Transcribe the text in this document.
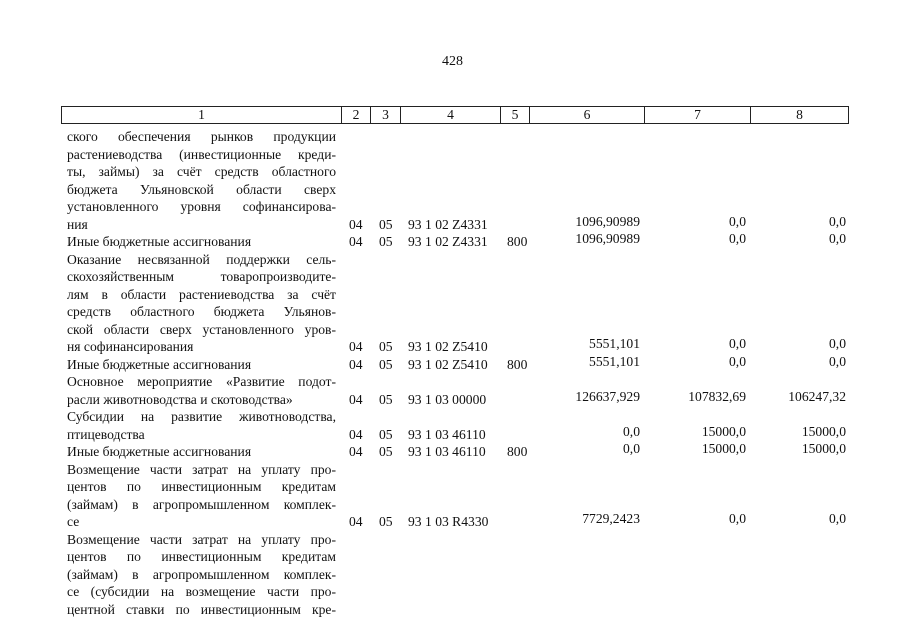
428
1	2	3	4	5	6	7	8
ского обеспечения рынков продукции
растениеводства (инвестиционные креди-
ты, займы) за счёт средств областного
бюджета Ульяновской области сверх
установленного уровня софинансирова-
ния	04 05 93 1 02 Z4331	1096,90989	0,0	0,0
Иные бюджетные ассигнования	04 05 93 1 02 Z4331 800	1096,90989	0,0	0,0
Оказание несвязанной поддержки сель-
скохозяйственным товаропроизводите-
лям в области растениеводства за счёт
средств областного бюджета Ульянов-
ской области сверх установленного уров-
ня софинансирования	04 05 93 1 02 Z5410	5551,101	0,0	0,0
Иные бюджетные ассигнования	04 05 93 1 02 Z5410 800	5551,101	0,0	0,0
Основное мероприятие «Развитие подот-
расли животноводства и скотоводства»	04 05 93 1 03 00000	126637,929	107832,69	106247,32
Субсидии на развитие животноводства,
птицеводства	04 05 93 1 03 46110	0,0	15000,0	15000,0
Иные бюджетные ассигнования	04 05 93 1 03 46110 800	0,0	15000,0	15000,0
Возмещение части затрат на уплату про-
центов по инвестиционным кредитам
(займам) в агропромышленном комплек-
се	04 05 93 1 03 R4330	7729,2423	0,0	0,0
Возмещение части затрат на уплату про-
центов по инвестиционным кредитам
(займам) в агропромышленном комплек-
се (субсидии на возмещение части про-
центной ставки по инвестиционным кре-
